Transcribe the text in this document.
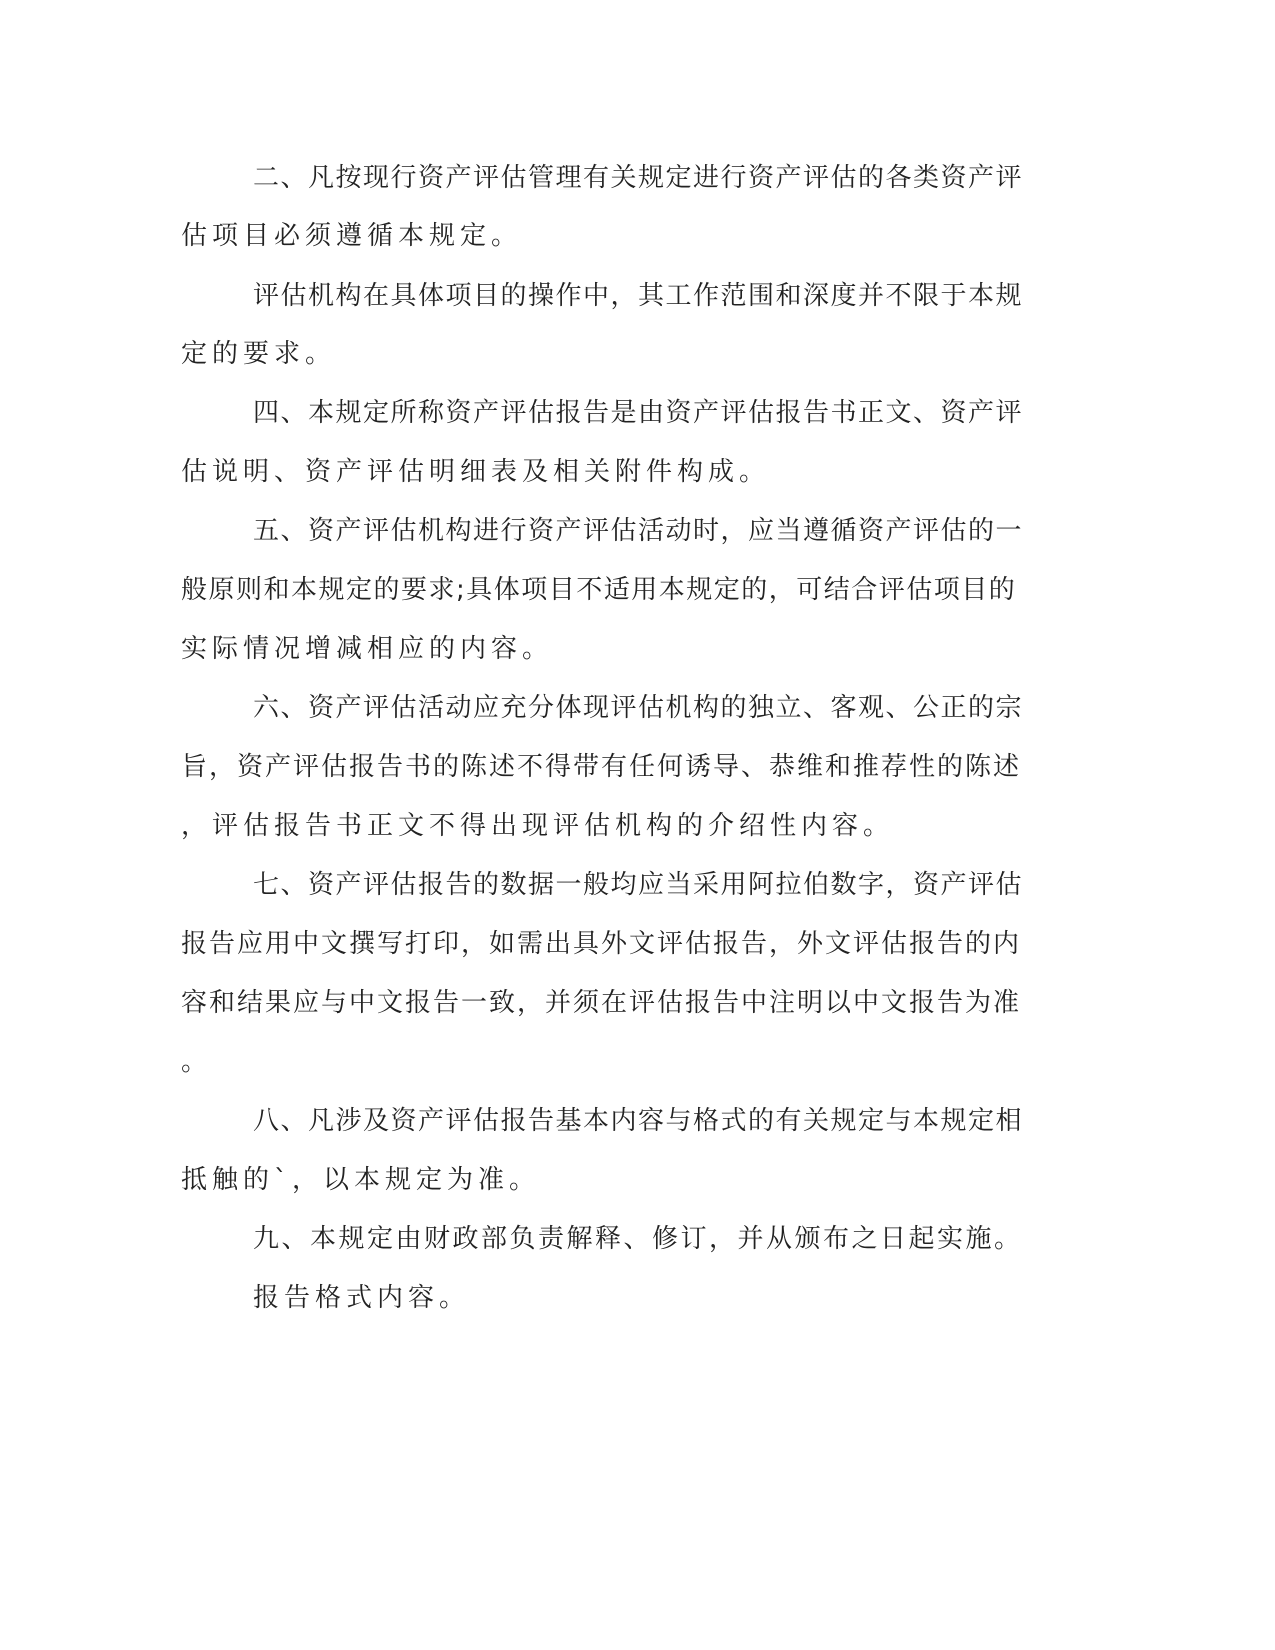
二、凡按现行资产评估管理有关规定进行资产评估的各类资产评
估项目必须遵循本规定。
评估机构在具体项目的操作中，其工作范围和深度并不限于本规
定的要求。
四、本规定所称资产评估报告是由资产评估报告书正文、资产评
估说明、资产评估明细表及相关附件构成。
五、资产评估机构进行资产评估活动时，应当遵循资产评估的一
般原则和本规定的要求;具体项目不适用本规定的，可结合评估项目的
实际情况增减相应的内容。
六、资产评估活动应充分体现评估机构的独立、客观、公正的宗
旨，资产评估报告书的陈述不得带有任何诱导、恭维和推荐性的陈述
，评估报告书正文不得出现评估机构的介绍性内容。
七、资产评估报告的数据一般均应当采用阿拉伯数字，资产评估
报告应用中文撰写打印，如需出具外文评估报告，外文评估报告的内
容和结果应与中文报告一致，并须在评估报告中注明以中文报告为准
。
八、凡涉及资产评估报告基本内容与格式的有关规定与本规定相
抵触的`，以本规定为准。
九、本规定由财政部负责解释、修订，并从颁布之日起实施。
报告格式内容。
